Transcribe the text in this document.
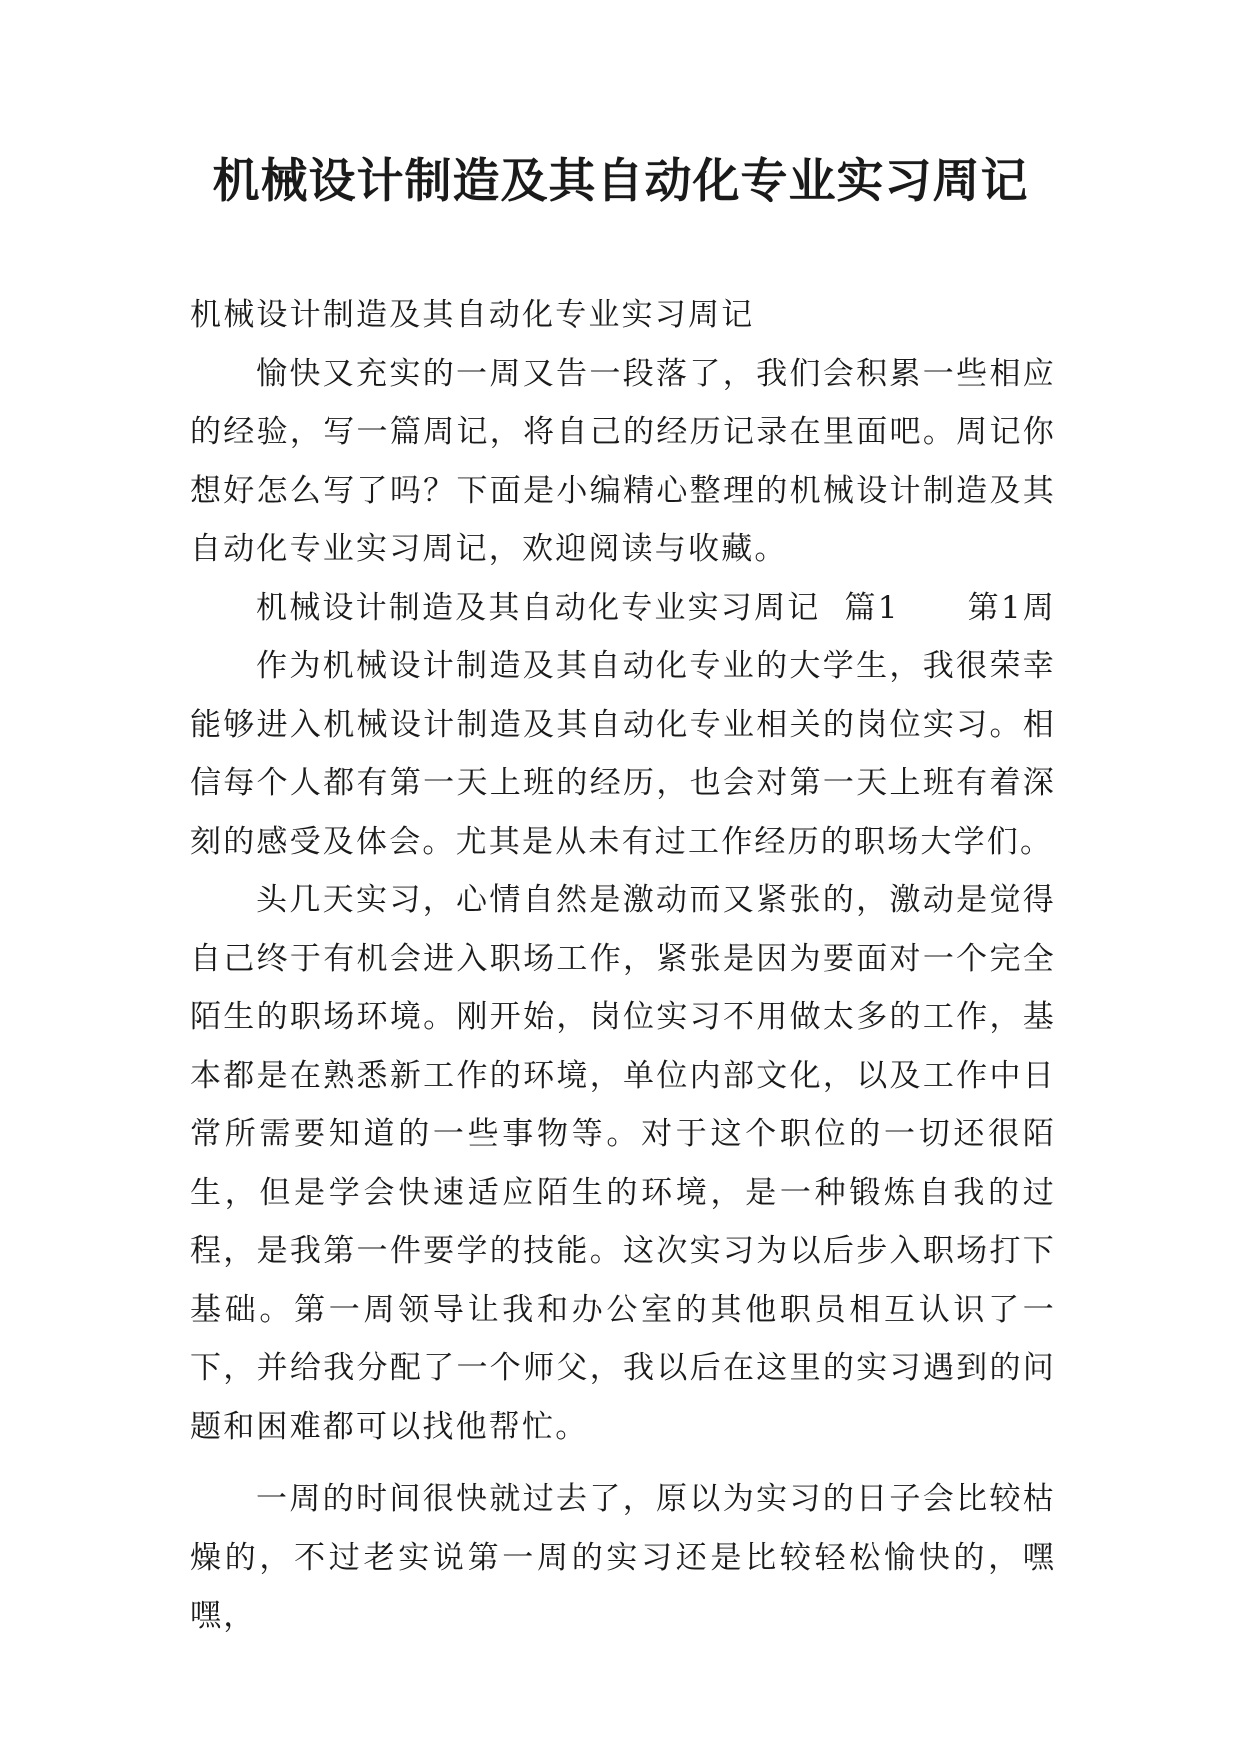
机械设计制造及其自动化专业实习周记

机械设计制造及其自动化专业实习周记

愉快又充实的一周又告一段落了，我们会积累一些相应的经验，写一篇周记，将自己的经历记录在里面吧。周记你想好怎么写了吗？下面是小编精心整理的机械设计制造及其自动化专业实习周记，欢迎阅读与收藏。

机械设计制造及其自动化专业实习周记  篇1 第1周

作为机械设计制造及其自动化专业的大学生，我很荣幸能够进入机械设计制造及其自动化专业相关的岗位实习。相信每个人都有第一天上班的经历，也会对第一天上班有着深刻的感受及体会。尤其是从未有过工作经历的职场大学们。

头几天实习，心情自然是激动而又紧张的，激动是觉得自己终于有机会进入职场工作，紧张是因为要面对一个完全陌生的职场环境。刚开始，岗位实习不用做太多的工作，基本都是在熟悉新工作的环境，单位内部文化，以及工作中日常所需要知道的一些事物等。对于这个职位的一切还很陌生，但是学会快速适应陌生的环境，是一种锻炼自我的过程，是我第一件要学的技能。这次实习为以后步入职场打下基础。第一周领导让我和办公室的其他职员相互认识了一下，并给我分配了一个师父，我以后在这里的实习遇到的问题和困难都可以找他帮忙。

一周的时间很快就过去了，原以为实习的日子会比较枯燥的，不过老实说第一周的实习还是比较轻松愉快的，嘿嘿，
